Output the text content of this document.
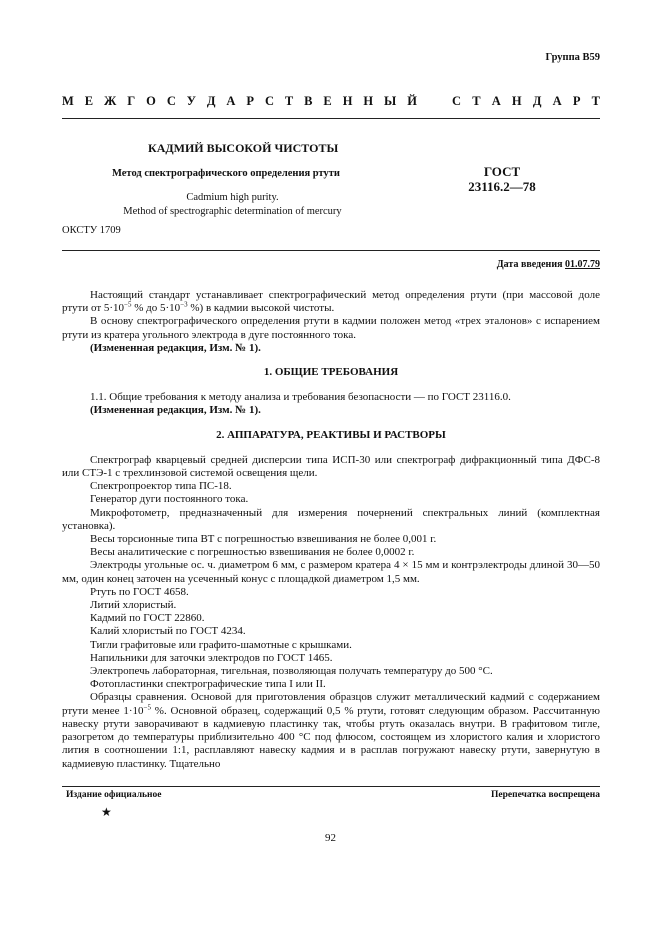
Группа В59
М Е Ж Г О С У Д А Р С Т В Е Н Н Ы Й	С Т А Н Д А Р Т
КАДМИЙ ВЫСОКОЙ ЧИСТОТЫ
Метод спектрографического определения ртути	ГОСТ
23116.2—78
Cadmium high purity.
Method of spectrographic determination of mercury
ОКСТУ 1709
Дата введения 01.07.79

Настоящий стандарт устанавливает спектрографический метод определения ртути (при массовой доле ртути от $5\cdot 10^{-5}$ % до $5\cdot 10^{-3}$ %) в кадмии высокой чистоты.

В основу спектрографического определения ртути в кадмии положен метод «трех эталонов» с испарением ртути из кратера угольного электрода в дуге постоянного тока.

(Измененная редакция, Изм. № 1).

1. ОБЩИЕ ТРЕБОВАНИЯ

1.1. Общие требования к методу анализа и требования безопасности — по ГОСТ 23116.0.

(Измененная редакция, Изм. № 1).

2. АППАРАТУРА, РЕАКТИВЫ И РАСТВОРЫ

Спектрограф кварцевый средней дисперсии типа ИСП-30 или спектрограф дифракционный типа ДФС-8 или СТЭ-1 с трехлинзовой системой освещения щели.

Спектропроектор типа ПС-18.

Генератор дуги постоянного тока.

Микрофотометр, предназначенный для измерения почернений спектральных линий (комплектная установка).

Весы торсионные типа ВТ с погрешностью взвешивания не более 0,001 г.

Весы аналитические с погрешностью взвешивания не более 0,0002 г.

Электроды угольные ос. ч. диаметром 6 мм, с размером кратера 4 × 15 мм и контрэлектроды длиной 30—50 мм, один конец заточен на усеченный конус с площадкой диаметром 1,5 мм.

Ртуть по ГОСТ 4658.

Литий хлористый.

Кадмий по ГОСТ 22860.

Калий хлористый по ГОСТ 4234.

Тигли графитовые или графито-шамотные с крышками.

Напильники для заточки электродов по ГОСТ 1465.

Электропечь лабораторная, тигельная, позволяющая получать температуру до 500 °С.

Фотопластинки спектрографические типа I или II.

Образцы сравнения. Основой для приготовления образцов служит металлический кадмий с содержанием ртути менее $1\cdot 10^{-5}$ %. Основной образец, содержащий 0,5 % ртути, готовят следующим образом. Рассчитанную навеску ртути заворачивают в кадмиевую пластинку так, чтобы ртуть оказалась внутри. В графитовом тигле, разогретом до температуры приблизительно 400 °С под флюсом, состоящем из хлористого калия и хлористого лития в соотношении 1:1, расплавляют навеску кадмия и в расплав погружают навеску ртути, завернутую в кадмиевую пластинку. Тщательно

Издание официальное	Перепечатка воспрещена
★
92
